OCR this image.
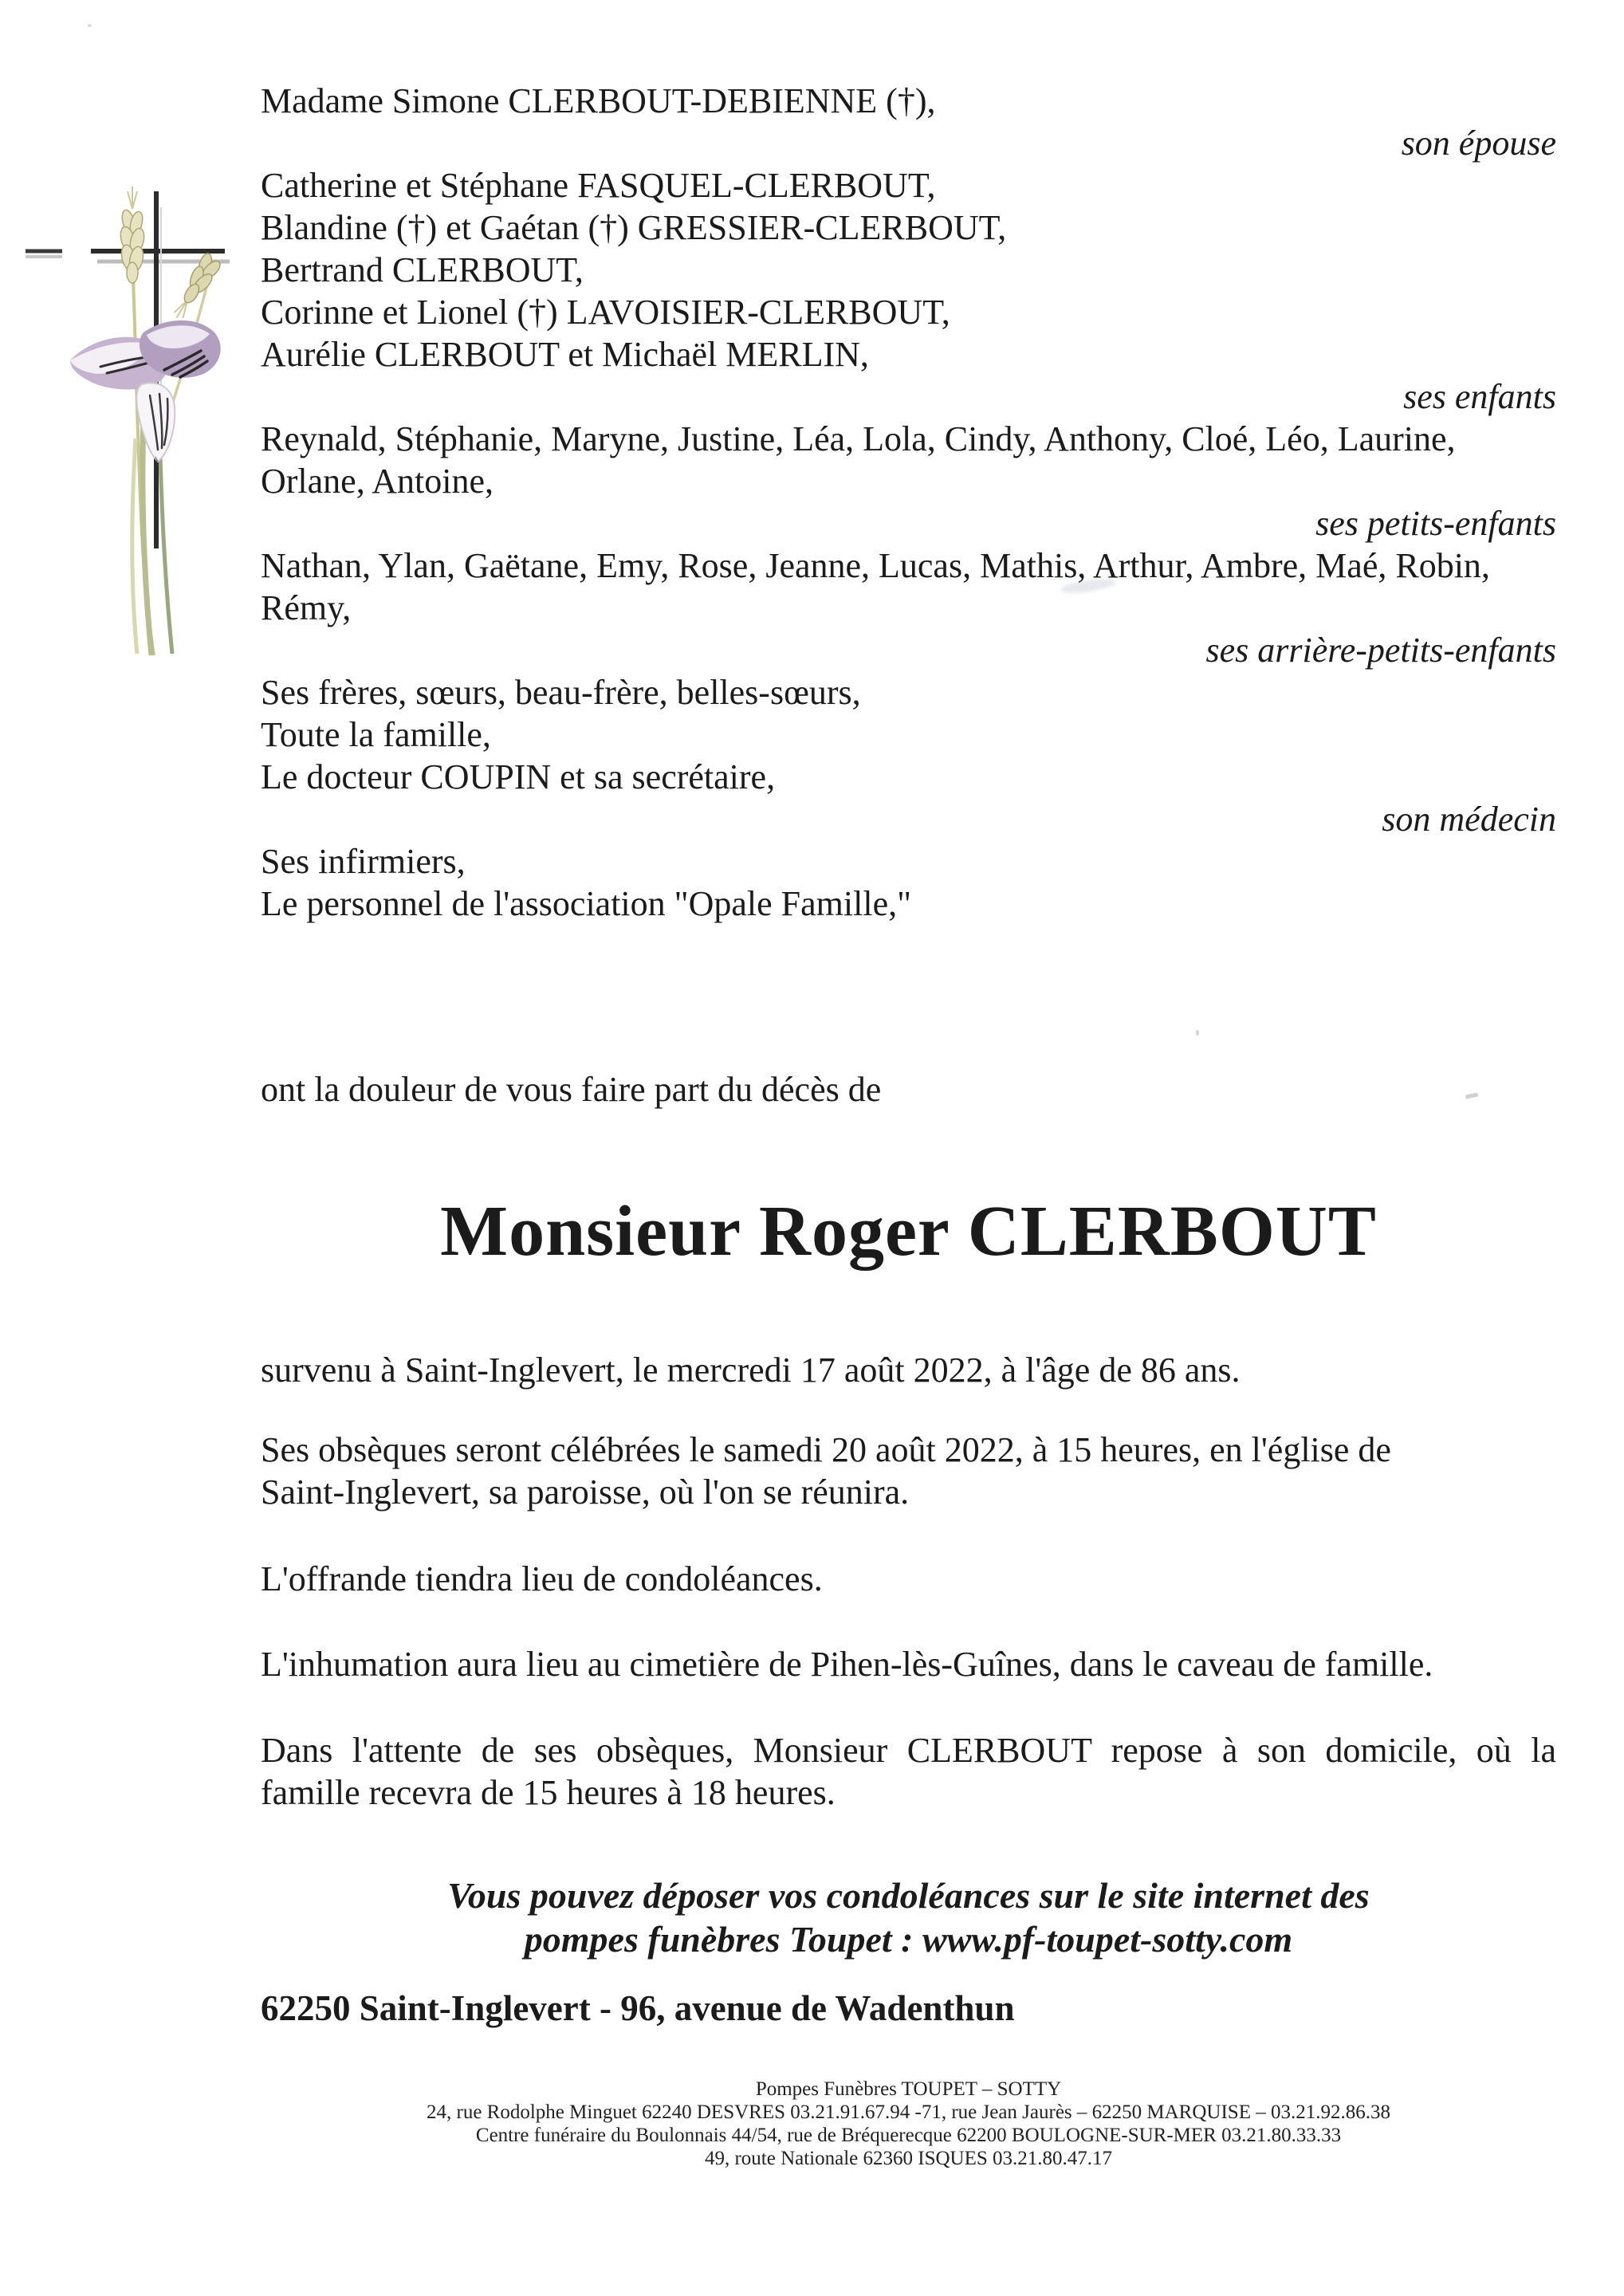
Madame Simone CLERBOUT-DEBIENNE (†),
son épouse
Catherine et Stéphane FASQUEL-CLERBOUT,
Blandine (†) et Gaétan (†) GRESSIER-CLERBOUT,
Bertrand CLERBOUT,
Corinne et Lionel (†) LAVOISIER-CLERBOUT,
Aurélie CLERBOUT et Michaël MERLIN,
ses enfants
Reynald, Stéphanie, Maryne, Justine, Léa, Lola, Cindy, Anthony, Cloé, Léo, Laurine,
Orlane, Antoine,
ses petits-enfants
Nathan, Ylan, Gaëtane, Emy, Rose, Jeanne, Lucas, Mathis, Arthur, Ambre, Maé, Robin,
Rémy,
ses arrière-petits-enfants
Ses frères, sœurs, beau-frère, belles-sœurs,
Toute la famille,
Le docteur COUPIN et sa secrétaire,
son médecin
Ses infirmiers,
Le personnel de l'association "Opale Famille,"
ont la douleur de vous faire part du décès de
Monsieur Roger CLERBOUT
survenu à Saint-Inglevert, le mercredi 17 août 2022, à l'âge de 86 ans.
Ses obsèques seront célébrées le samedi 20 août 2022, à 15 heures, en l'église de
Saint-Inglevert, sa paroisse, où l'on se réunira.
L'offrande tiendra lieu de condoléances.
L'inhumation aura lieu au cimetière de Pihen-lès-Guînes, dans le caveau de famille.
Dans l'attente de ses obsèques, Monsieur CLERBOUT repose à son domicile, où la
famille recevra de 15 heures à 18 heures.
Vous pouvez déposer vos condoléances sur le site internet des
pompes funèbres Toupet : www.pf-toupet-sotty.com
62250 Saint-Inglevert - 96, avenue de Wadenthun
Pompes Funèbres TOUPET – SOTTY
24, rue Rodolphe Minguet 62240 DESVRES 03.21.91.67.94 -71, rue Jean Jaurès – 62250 MARQUISE – 03.21.92.86.38
Centre funéraire du Boulonnais 44/54, rue de Bréquerecque 62200 BOULOGNE-SUR-MER 03.21.80.33.33
49, route Nationale 62360 ISQUES 03.21.80.47.17
